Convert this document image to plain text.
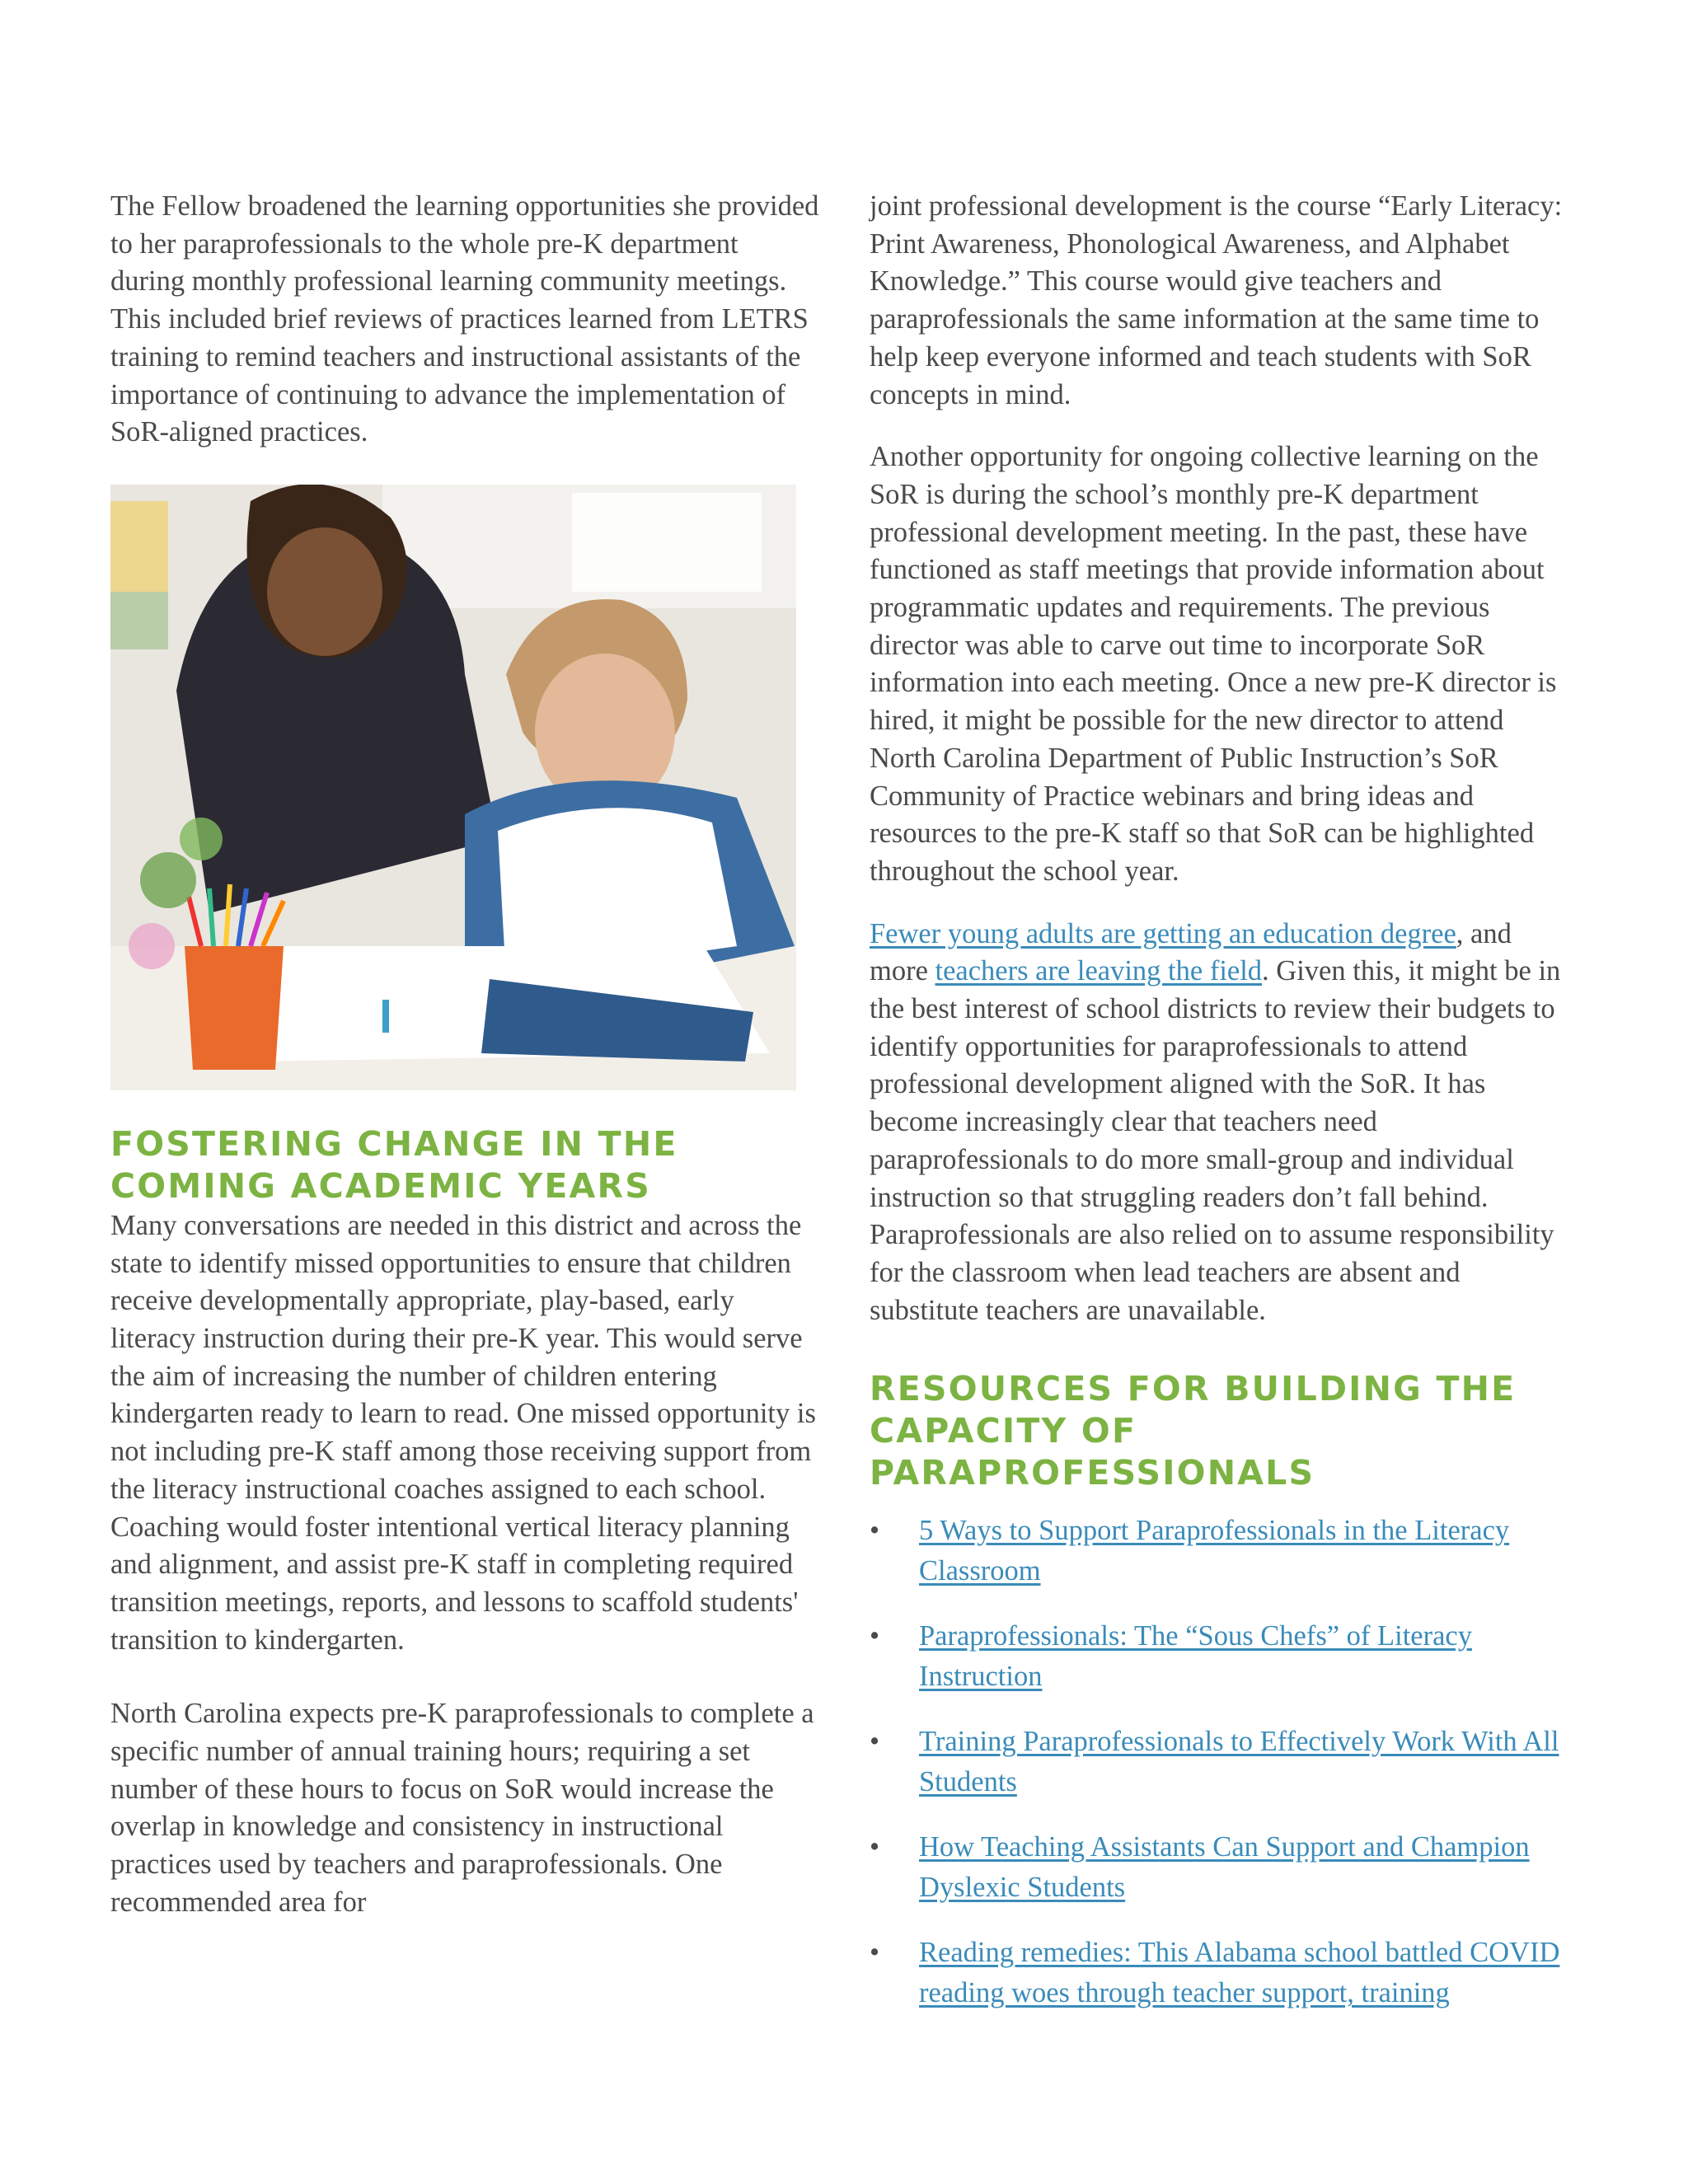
The Fellow broadened the learning opportunities she provided to her paraprofessionals to the whole pre-K department during monthly professional learning community meetings. This included brief reviews of practices learned from LETRS training to remind teachers and instructional assistants of the importance of continuing to advance the implementation of SoR-aligned practices.

FOSTERING CHANGE IN THE COMING ACADEMIC YEARS

Many conversations are needed in this district and across the state to identify missed opportunities to ensure that children receive developmentally appropriate, play-based, early literacy instruction during their pre-K year. This would serve the aim of increasing the number of children entering kindergarten ready to learn to read. One missed opportunity is not including pre-K staff among those receiving support from the literacy instructional coaches assigned to each school. Coaching would foster intentional vertical literacy planning and alignment, and assist pre-K staff in completing required transition meetings, reports, and lessons to scaffold students' transition to kindergarten.

North Carolina expects pre-K paraprofessionals to complete a specific number of annual training hours; requiring a set number of these hours to focus on SoR would increase the overlap in knowledge and consistency in instructional practices used by teachers and paraprofessionals. One recommended area for

joint professional development is the course “Early Literacy: Print Awareness, Phonological Awareness, and Alphabet Knowledge.” This course would give teachers and paraprofessionals the same information at the same time to help keep everyone informed and teach students with SoR concepts in mind.

Another opportunity for ongoing collective learning on the SoR is during the school’s monthly pre-K department professional development meeting. In the past, these have functioned as staff meetings that provide information about programmatic updates and requirements. The previous director was able to carve out time to incorporate SoR information into each meeting. Once a new pre-K director is hired, it might be possible for the new director to attend North Carolina Department of Public Instruction’s SoR Community of Practice webinars and bring ideas and resources to the pre-K staff so that SoR can be highlighted throughout the school year.

Fewer young adults are getting an education degree, and more teachers are leaving the field. Given this, it might be in the best interest of school districts to review their budgets to identify opportunities for paraprofessionals to attend professional development aligned with the SoR. It has become increasingly clear that teachers need paraprofessionals to do more small-group and individual instruction so that struggling readers don’t fall behind. Paraprofessionals are also relied on to assume responsibility for the classroom when lead teachers are absent and substitute teachers are unavailable.

RESOURCES FOR BUILDING THE CAPACITY OF PARAPROFESSIONALS
• 5 Ways to Support Paraprofessionals in the Literacy Classroom
• Paraprofessionals: The “Sous Chefs” of Literacy Instruction
• Training Paraprofessionals to Effectively Work With All Students
• How Teaching Assistants Can Support and Champion Dyslexic Students
• Reading remedies: This Alabama school battled COVID reading woes through teacher support, training
